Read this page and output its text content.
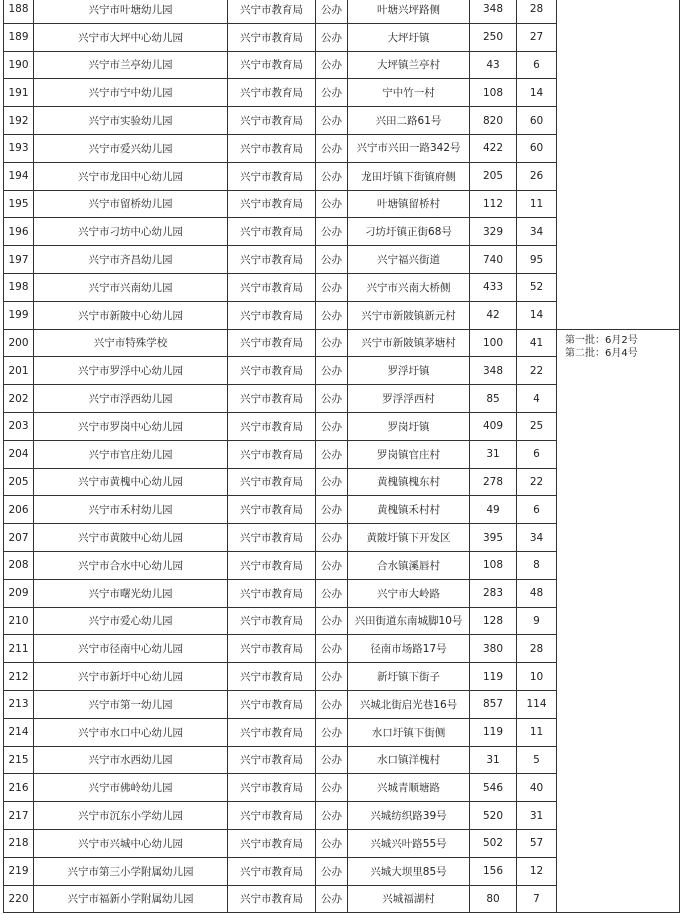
188	兴宁市叶塘幼儿园	兴宁市教育局	公办	叶塘兴坪路侧	348	28	
189	兴宁市大坪中心幼儿园	兴宁市教育局	公办	大坪圩镇	250	27	
190	兴宁市兰亭幼儿园	兴宁市教育局	公办	大坪镇兰亭村	43	6	
191	兴宁市宁中幼儿园	兴宁市教育局	公办	宁中竹一村	108	14	
192	兴宁市实验幼儿园	兴宁市教育局	公办	兴田二路61号	820	60	
193	兴宁市爱兴幼儿园	兴宁市教育局	公办	兴宁市兴田一路342号	422	60	
194	兴宁市龙田中心幼儿园	兴宁市教育局	公办	龙田圩镇下街镇府侧	205	26	
195	兴宁市留桥幼儿园	兴宁市教育局	公办	叶塘镇留桥村	112	11	
196	兴宁市刁坊中心幼儿园	兴宁市教育局	公办	刁坊圩镇正街68号	329	34	
197	兴宁市齐昌幼儿园	兴宁市教育局	公办	兴宁福兴街道	740	95	
198	兴宁市兴南幼儿园	兴宁市教育局	公办	兴宁市兴南大桥侧	433	52	
199	兴宁市新陂中心幼儿园	兴宁市教育局	公办	兴宁市新陂镇新元村	42	14	
200	兴宁市特殊学校	兴宁市教育局	公办	兴宁市新陂镇茅塘村	100	41	第一批：6月2号
第二批：6月4号

201	兴宁市罗浮中心幼儿园	兴宁市教育局	公办	罗浮圩镇	348	22	
202	兴宁市浮西幼儿园	兴宁市教育局	公办	罗浮浮西村	85	4	
203	兴宁市罗岗中心幼儿园	兴宁市教育局	公办	罗岗圩镇	409	25	
204	兴宁市官庄幼儿园	兴宁市教育局	公办	罗岗镇官庄村	31	6	
205	兴宁市黄槐中心幼儿园	兴宁市教育局	公办	黄槐镇槐东村	278	22	
206	兴宁市禾村幼儿园	兴宁市教育局	公办	黄槐镇禾村村	49	6	
207	兴宁市黄陂中心幼儿园	兴宁市教育局	公办	黄陂圩镇下开发区	395	34	
208	兴宁市合水中心幼儿园	兴宁市教育局	公办	合水镇溪唇村	108	8	
209	兴宁市曙光幼儿园	兴宁市教育局	公办	兴宁市大岭路	283	48	
210	兴宁市爱心幼儿园	兴宁市教育局	公办	兴田街道东南城脚10号	128	9	
211	兴宁市径南中心幼儿园	兴宁市教育局	公办	径南市场路17号	380	28	
212	兴宁市新圩中心幼儿园	兴宁市教育局	公办	新圩镇下街子	119	10	
213	兴宁市第一幼儿园	兴宁市教育局	公办	兴城北街启光巷16号	857	114	
214	兴宁市水口中心幼儿园	兴宁市教育局	公办	水口圩镇下街侧	119	11	
215	兴宁市水西幼儿园	兴宁市教育局	公办	水口镇洋槐村	31	5	
216	兴宁市佛岭幼儿园	兴宁市教育局	公办	兴城青顺塘路	546	40	
217	兴宁市沉东小学幼儿园	兴宁市教育局	公办	兴城纺织路39号	520	31	
218	兴宁市兴城中心幼儿园	兴宁市教育局	公办	兴城兴叶路55号	502	57	
219	兴宁市第三小学附属幼儿园	兴宁市教育局	公办	兴城大坝里85号	156	12	
220	兴宁市福新小学附属幼儿园	兴宁市教育局	公办	兴城福湖村	80	7	
